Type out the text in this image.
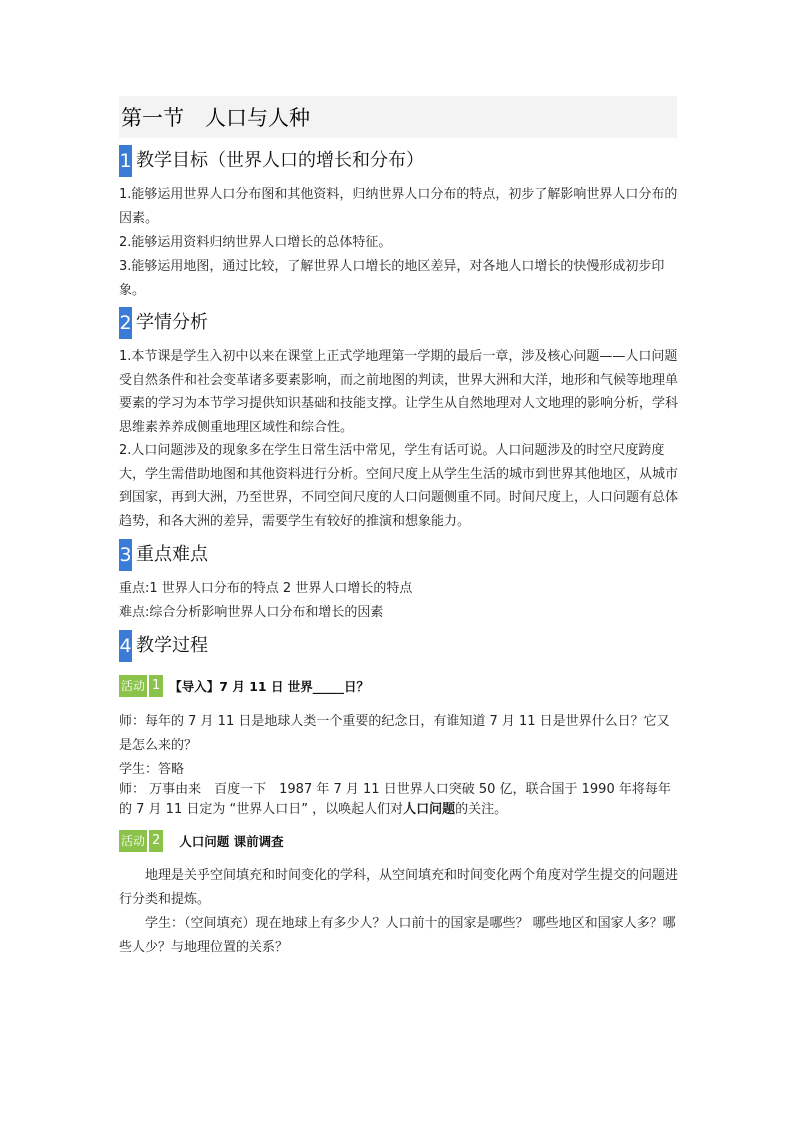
第一节　人口与人种
1 教学目标（世界人口的增长和分布）
1.能够运用世界人口分布图和其他资料，归纳世界人口分布的特点，初步了解影响世界人口分布的因素。
2.能够运用资料归纳世界人口增长的总体特征。
3.能够运用地图，通过比较，了解世界人口增长的地区差异，对各地人口增长的快慢形成初步印象。
2 学情分析
1.本节课是学生入初中以来在课堂上正式学地理第一学期的最后一章，涉及核心问题——人口问题受自然条件和社会变革诸多要素影响，而之前地图的判读，世界大洲和大洋，地形和气候等地理单要素的学习为本节学习提供知识基础和技能支撑。让学生从自然地理对人文地理的影响分析，学科思维素养养成侧重地理区域性和综合性。
2.人口问题涉及的现象多在学生日常生活中常见，学生有话可说。人口问题涉及的时空尺度跨度大，学生需借助地图和其他资料进行分析。空间尺度上从学生生活的城市到世界其他地区，从城市到国家，再到大洲，乃至世界，不同空间尺度的人口问题侧重不同。时间尺度上，人口问题有总体趋势，和各大洲的差异，需要学生有较好的推演和想象能力。
3 重点难点
重点:1 世界人口分布的特点 2 世界人口增长的特点
难点:综合分析影响世界人口分布和增长的因素
4 教学过程
活动 1 【导入】7 月 11 日 世界_____日？
师：每年的 7 月 11 日是地球人类一个重要的纪念日，有谁知道 7 月 11 日是世界什么日？它又是怎么来的？
学生：答略
师： 万事由来　百度一下　1987 年 7 月 11 日世界人口突破 50 亿，联合国于 1990 年将每年的 7 月 11 日定为 “世界人口日” ，以唤起人们对人口问题的关注。
活动 2 人口问题 课前调查
地理是关乎空间填充和时间变化的学科，从空间填充和时间变化两个角度对学生提交的问题进行分类和提炼。
学生：（空间填充）现在地球上有多少人？人口前十的国家是哪些？ 哪些地区和国家人多？哪些人少？与地理位置的关系？
